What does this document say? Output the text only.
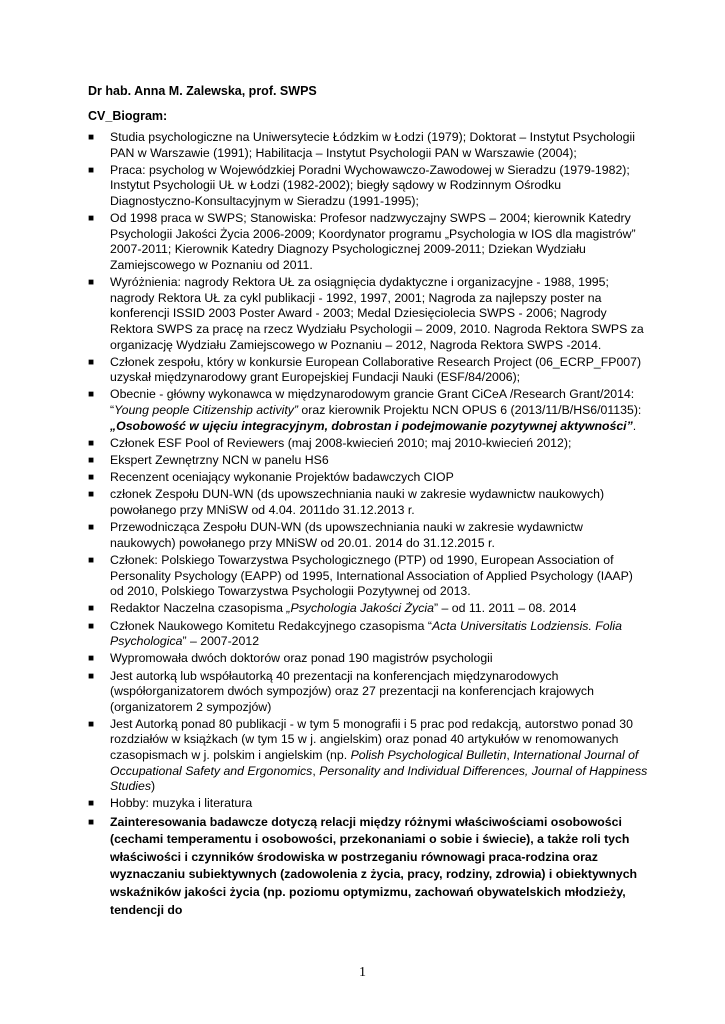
Dr hab. Anna M. Zalewska, prof. SWPS
CV_Biogram:
■ Studia psychologiczne na Uniwersytecie Łódzkim w Łodzi (1979); Doktorat – Instytut Psychologii PAN w Warszawie (1991); Habilitacja – Instytut Psychologii PAN w Warszawie (2004);
■ Praca: psycholog w Wojewódzkiej Poradni Wychowawczo-Zawodowej w Sieradzu (1979-1982); Instytut Psychologii UŁ w Łodzi (1982-2002); biegły sądowy w Rodzinnym Ośrodku Diagnostyczno-Konsultacyjnym w Sieradzu (1991-1995);
■ Od 1998 praca w SWPS; Stanowiska: Profesor nadzwyczajny SWPS – 2004; kierownik Katedry Psychologii Jakości Życia 2006-2009; Koordynator programu „Psychologia w IOS dla magistrów” 2007-2011; Kierownik Katedry Diagnozy Psychologicznej 2009-2011; Dziekan Wydziału Zamiejscowego w Poznaniu od 2011.
■ Wyróżnienia: nagrody Rektora UŁ za osiągnięcia dydaktyczne i organizacyjne - 1988, 1995; nagrody Rektora UŁ za cykl publikacji - 1992, 1997, 2001; Nagroda za najlepszy poster na konferencji ISSID 2003 Poster Award - 2003; Medal Dziesięciolecia SWPS - 2006; Nagrody Rektora SWPS za pracę na rzecz Wydziału Psychologii – 2009, 2010. Nagroda Rektora SWPS za organizację Wydziału Zamiejscowego w Poznaniu – 2012, Nagroda Rektora SWPS -2014.
■ Członek zespołu, który w konkursie European Collaborative Research Project (06_ECRP_FP007) uzyskał międzynarodowy grant Europejskiej Fundacji Nauki (ESF/84/2006);
■ Obecnie - główny wykonawca w międzynarodowym grancie Grant CiCeA /Research Grant/2014: “Young people Citizenship activity” oraz kierownik Projektu NCN OPUS 6 (2013/11/B/HS6/01135): „Osobowość w ujęciu integracyjnym, dobrostan i podejmowanie pozytywnej aktywności”.
■ Członek ESF Pool of Reviewers (maj 2008-kwiecień 2010; maj 2010-kwiecień 2012);
■ Ekspert Zewnętrzny NCN w panelu HS6
■ Recenzent oceniający wykonanie Projektów badawczych CIOP
■ członek Zespołu DUN-WN (ds upowszechniania nauki w zakresie wydawnictw naukowych) powołanego przy MNiSW od 4.04. 2011do 31.12.2013 r.
■ Przewodnicząca Zespołu DUN-WN (ds upowszechniania nauki w zakresie wydawnictw naukowych) powołanego przy MNiSW od 20.01. 2014 do 31.12.2015 r.
■ Członek: Polskiego Towarzystwa Psychologicznego (PTP) od 1990, European Association of Personality Psychology (EAPP) od 1995, International Association of Applied Psychology (IAAP) od 2010, Polskiego Towarzystwa Psychologii Pozytywnej od 2013.
■ Redaktor Naczelna czasopisma „Psychologia Jakości Życia” – od 11. 2011 – 08. 2014
■ Członek Naukowego Komitetu Redakcyjnego czasopisma “Acta Universitatis Lodziensis. Folia Psychologica” – 2007-2012
■ Wypromowała dwóch doktorów oraz ponad 190 magistrów psychologii
■ Jest autorką lub współautorką 40 prezentacji na konferencjach międzynarodowych (współorganizatorem dwóch sympozjów) oraz 27 prezentacji na konferencjach krajowych (organizatorem 2 sympozjów)
■ Jest Autorką ponad 80 publikacji - w tym 5 monografii i 5 prac pod redakcją, autorstwo ponad 30 rozdziałów w książkach (w tym 15 w j. angielskim) oraz ponad 40 artykułów w renomowanych czasopismach w j. polskim i angielskim (np. Polish Psychological Bulletin, International Journal of Occupational Safety and Ergonomics, Personality and Individual Differences, Journal of Happiness Studies)
■ Hobby: muzyka i literatura
■ Zainteresowania badawcze dotyczą relacji między różnymi właściwościami osobowości (cechami temperamentu i osobowości, przekonaniami o sobie i świecie), a także roli tych właściwości i czynników środowiska w postrzeganiu równowagi praca-rodzina oraz wyznaczaniu subiektywnych (zadowolenia z życia, pracy, rodziny, zdrowia) i obiektywnych wskaźników jakości życia (np. poziomu optymizmu, zachowań obywatelskich młodzieży, tendencji do
1
